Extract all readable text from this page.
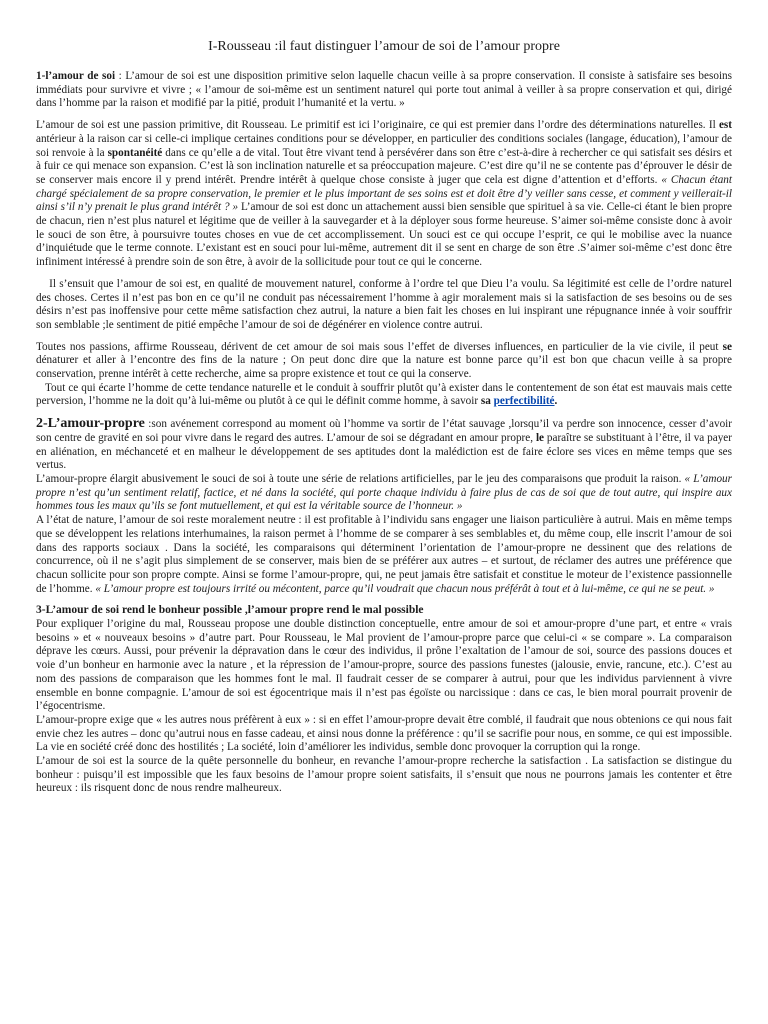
I-Rousseau :il faut distinguer l’amour de soi de l’amour propre

1-l’amour de soi : L’amour de soi est une disposition primitive selon laquelle chacun veille à sa propre conservation. Il consiste à satisfaire ses besoins immédiats pour survivre et vivre ; « l’amour de soi-même est un sentiment naturel qui porte tout animal à veiller à sa propre conservation et qui, dirigé dans l’homme par la raison et modifié par la pitié, produit l’humanité et la vertu. »

L’amour de soi est une passion primitive, dit Rousseau. Le primitif est ici l’originaire, ce qui est premier dans l’ordre des déterminations naturelles. Il est antérieur à la raison car si celle-ci implique certaines conditions pour se développer, en particulier des conditions sociales (langage, éducation), l’amour de soi renvoie à la spontanéité dans ce qu’elle a de vital. Tout être vivant tend à persévérer dans son être c’est-à-dire à rechercher ce qui satisfait ses désirs et à fuir ce qui menace son expansion. C’est là son inclination naturelle et sa préoccupation majeure. C’est dire qu’il ne se contente pas d’éprouver le désir de se conserver mais encore il y prend intérêt. Prendre intérêt à quelque chose consiste à juger que cela est digne d’attention et d’efforts. « Chacun étant chargé spécialement de sa propre conservation, le premier et le plus important de ses soins est et doit être d’y veiller sans cesse, et comment y veillerait-il ainsi s’il n’y prenait le plus grand intérêt ? » L’amour de soi est donc un attachement aussi bien sensible que spirituel à sa vie. Celle-ci étant le bien propre de chacun, rien n’est plus naturel et légitime que de veiller à la sauvegarder et à la déployer sous forme heureuse. S’aimer soi-même consiste donc à avoir le souci de son être, à poursuivre toutes choses en vue de cet accomplissement. Un souci est ce qui occupe l’esprit, ce qui le mobilise avec la nuance d’inquiétude que le terme connote. L’existant est en souci pour lui-même, autrement dit il se sent en charge de son être .S’aimer soi-même c’est donc être infiniment intéressé à prendre soin de son être, à avoir de la sollicitude pour tout ce qui le concerne.

Il s’ensuit que l’amour de soi est, en qualité de mouvement naturel, conforme à l’ordre tel que Dieu l’a voulu. Sa légitimité est celle de l’ordre naturel des choses. Certes il n’est pas bon en ce qu’il ne conduit pas nécessairement l’homme à agir moralement mais si la satisfaction de ses besoins ou de ses désirs n’est pas inoffensive pour cette même satisfaction chez autrui, la nature a bien fait les choses en lui inspirant une répugnance innée à voir souffrir son semblable ;le sentiment de pitié empêche l’amour de soi de dégénérer en violence contre autrui.

Toutes nos passions, affirme Rousseau, dérivent de cet amour de soi mais sous l’effet de diverses influences, en particulier de la vie civile, il peut se dénaturer et aller à l’encontre des fins de la nature ; On peut donc dire que la nature est bonne parce qu’il est bon que chacun veille à sa propre conservation, prenne intérêt à cette recherche, aime sa propre existence et tout ce qui la conserve.

Tout ce qui écarte l’homme de cette tendance naturelle et le conduit à souffrir plutôt qu’à exister dans le contentement de son état est mauvais mais cette perversion, l’homme ne la doit qu’à lui-même ou plutôt à ce qui le définit comme homme, à savoir sa perfectibilité.

2-L’amour-propre :son avénement correspond au moment où l’homme va sortir de l’état sauvage ,lorsqu’il va perdre son innocence, cesser d’avoir son centre de gravité en soi pour vivre dans le regard des autres. L’amour de soi se dégradant en amour propre, le paraître se substituant à l’être, il va payer en aliénation, en méchanceté et en malheur le développement de ses aptitudes dont la malédiction est de faire éclore ses vices en même temps que ses vertus.

L’amour-propre élargit abusivement le souci de soi à toute une série de relations artificielles, par le jeu des comparaisons que produit la raison. « L’amour propre n’est qu’un sentiment relatif, factice, et né dans la société, qui porte chaque individu à faire plus de cas de soi que de tout autre, qui inspire aux hommes tous les maux qu’ils se font mutuellement, et qui est la véritable source de l’honneur. »

A l’état de nature, l’amour de soi reste moralement neutre : il est profitable à l’individu sans engager une liaison particulière à autrui. Mais en même temps que se développent les relations interhumaines, la raison permet à l’homme de se comparer à ses semblables et, du même coup, elle inscrit l’amour de soi dans des rapports sociaux . Dans la société, les comparaisons qui déterminent l’orientation de l’amour-propre ne dessinent que des relations de concurrence, où il ne s’agit plus simplement de se conserver, mais bien de se préférer aux autres – et surtout, de réclamer des autres une préférence que chacun sollicite pour son propre compte. Ainsi se forme l’amour-propre, qui, ne peut jamais être satisfait et constitue le moteur de l’existence passionnelle de l’homme. « L’amour propre est toujours irrité ou mécontent, parce qu’il voudrait que chacun nous préférât à tout et à lui-même, ce qui ne se peut. »

3-L’amour de soi rend le bonheur possible ,l’amour propre rend le mal possible

Pour expliquer l’origine du mal, Rousseau propose une double distinction conceptuelle, entre amour de soi et amour-propre d’une part, et entre « vrais besoins » et « nouveaux besoins » d’autre part. Pour Rousseau, le Mal provient de l’amour-propre parce que celui-ci « se compare ». La comparaison déprave les cœurs. Aussi, pour prévenir la dépravation dans le cœur des individus, il prône l’exaltation de l’amour de soi, source des passions douces et voie d’un bonheur en harmonie avec la nature , et la répression de l’amour-propre, source des passions funestes (jalousie, envie, rancune, etc.). C’est au nom des passions de comparaison que les hommes font le mal. Il faudrait cesser de se comparer à autrui, pour que les individus parviennent à vivre ensemble en bonne compagnie. L’amour de soi est égocentrique mais il n’est pas égoïste ou narcissique : dans ce cas, le bien moral pourrait provenir de l’égocentrisme.

L’amour-propre exige que « les autres nous préfèrent à eux » : si en effet l’amour-propre devait être comblé, il faudrait que nous obtenions ce qui nous fait envie chez les autres – donc qu’autrui nous en fasse cadeau, et ainsi nous donne la préférence : qu’il se sacrifie pour nous, en somme, ce qui est impossible. La vie en société créé donc des hostilités ; La société, loin d’améliorer les individus, semble donc provoquer la corruption qui la ronge.

L’amour de soi est la source de la quête personnelle du bonheur, en revanche l’amour-propre recherche la satisfaction . La satisfaction se distingue du bonheur : puisqu’il est impossible que les faux besoins de l’amour propre soient satisfaits, il s’ensuit que nous ne pourrons jamais les contenter et être heureux : ils risquent donc de nous rendre malheureux.
